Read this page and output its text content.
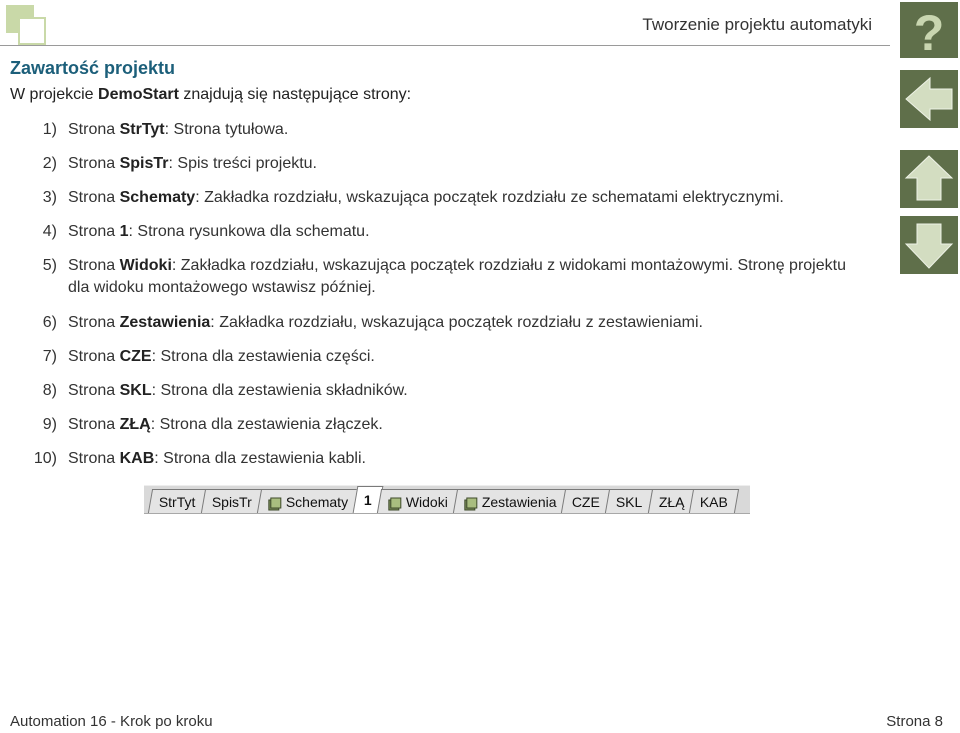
Tworzenie projektu automatyki
Zawartość projektu
W projekcie DemoStart znajdują się następujące strony:
1) Strona StrTyt: Strona tytułowa.
2) Strona SpisTr: Spis treści projektu.
3) Strona Schematy: Zakładka rozdziału, wskazująca początek rozdziału ze schematami elektrycznymi.
4) Strona 1: Strona rysunkowa dla schematu.
5) Strona Widoki: Zakładka rozdziału, wskazująca początek rozdziału z widokami montażowymi. Stronę projektu dla widoku montażowego wstawisz później.
6) Strona Zestawienia: Zakładka rozdziału, wskazująca początek rozdziału z zestawieniami.
7) Strona CZE: Strona dla zestawienia części.
8) Strona SKL: Strona dla zestawienia składników.
9) Strona ZŁĄ: Strona dla zestawienia złączek.
10) Strona KAB: Strona dla zestawienia kabli.
StrTyt SpisTr Schematy 1 Widoki Zestawienia CZE SKL ZŁĄ KAB
?
Automation 16 - Krok po kroku	Strona 8
